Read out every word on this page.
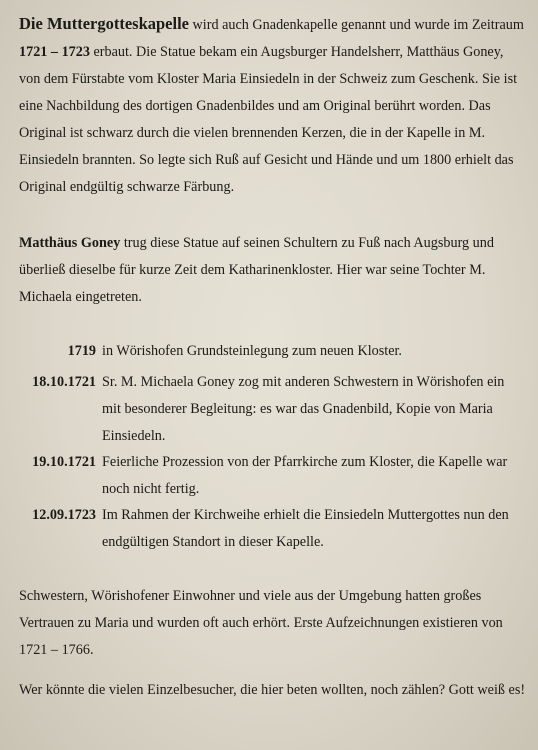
Die Muttergotteskapelle wird auch Gnadenkapelle genannt und wurde im Zeitraum 1721 – 1723 erbaut. Die Statue bekam ein Augsburger Handelsherr, Matthäus Goney, von dem Fürstabte vom Kloster Maria Einsiedeln in der Schweiz zum Geschenk. Sie ist eine Nachbildung des dortigen Gnadenbildes und am Original berührt worden. Das Original ist schwarz durch die vielen brennenden Kerzen, die in der Kapelle in M. Einsiedeln brannten. So legte sich Ruß auf Gesicht und Hände und um 1800 erhielt das Original endgültig schwarze Färbung.

Matthäus Goney trug diese Statue auf seinen Schultern zu Fuß nach Augsburg und überließ dieselbe für kurze Zeit dem Katharinenkloster. Hier war seine Tochter M. Michaela eingetreten.

1719 in Wörishofen Grundsteinlegung zum neuen Kloster.
18.10.1721 Sr. M. Michaela Goney zog mit anderen Schwestern in Wörishofen ein mit besonderer Begleitung: es war das Gnadenbild, Kopie von Maria Einsiedeln.
19.10.1721 Feierliche Prozession von der Pfarrkirche zum Kloster, die Kapelle war noch nicht fertig.
12.09.1723 Im Rahmen der Kirchweihe erhielt die Einsiedeln Muttergottes nun den endgültigen Standort in dieser Kapelle.

Schwestern, Wörishofener Einwohner und viele aus der Umgebung hatten großes Vertrauen zu Maria und wurden oft auch erhört. Erste Aufzeichnungen existieren von 1721 – 1766.

Wer könnte die vielen Einzelbesucher, die hier beten wollten, noch zählen? Gott weiß es!
